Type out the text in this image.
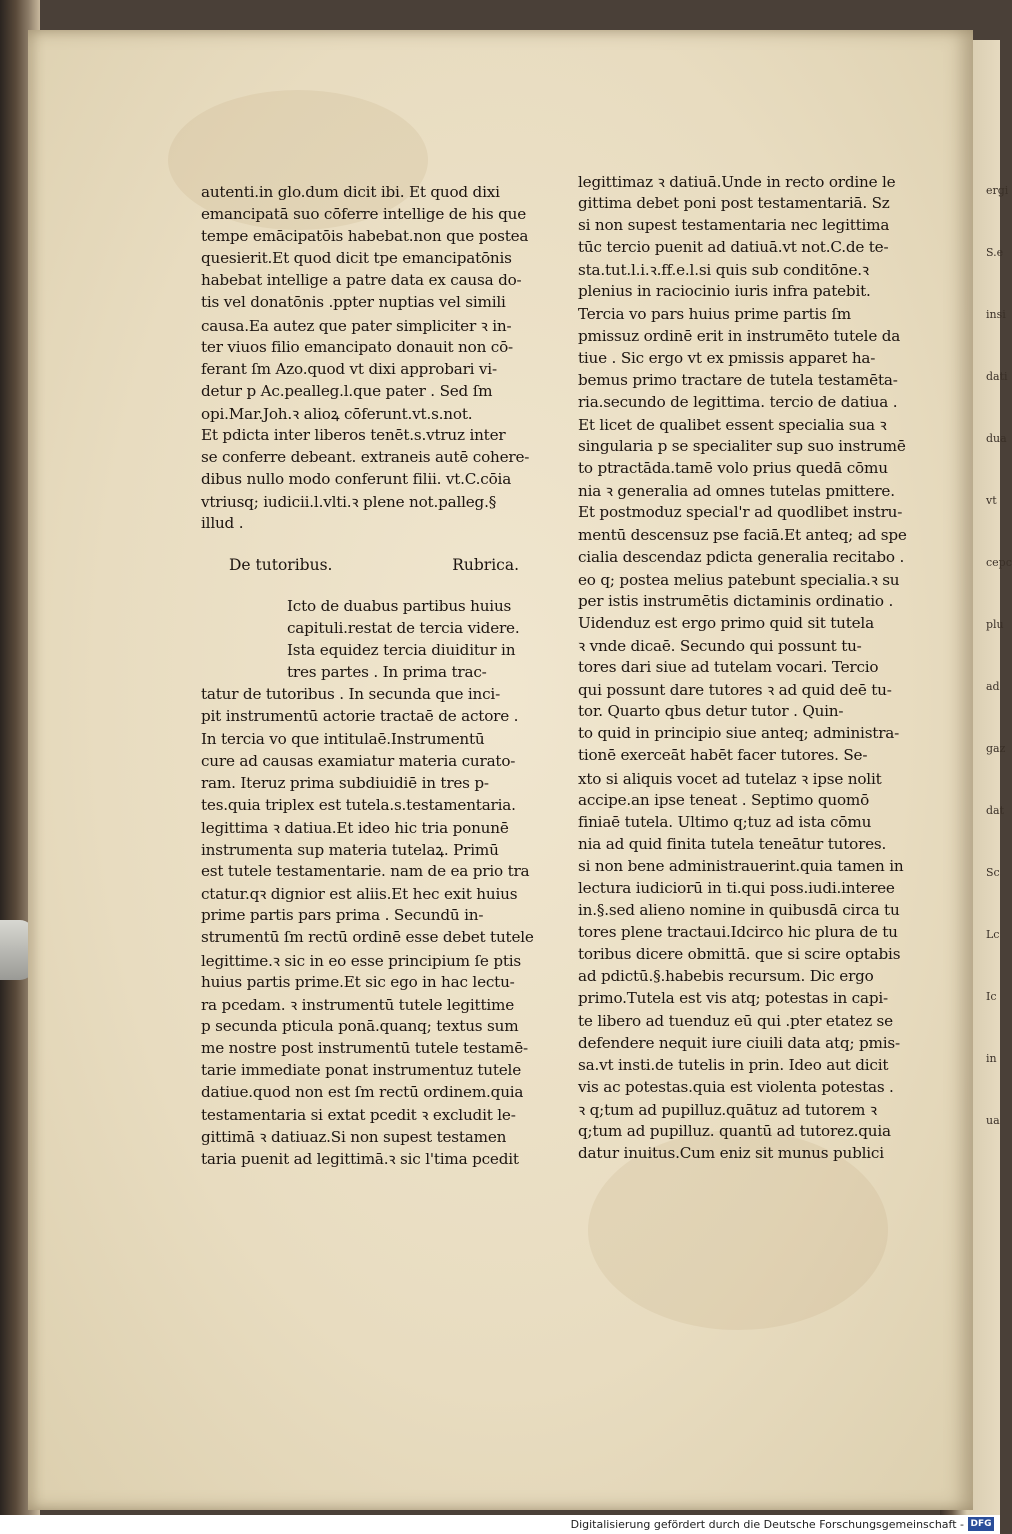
ergi
S.e
insi
dati
dua
vt
cepc
plu
ad
gaz
dat
Sc
Lc
Ic
in
ua
autenti.in glo.dum dicit ibi. Et quod dixi
emancipatā suo cōferre intellige de his que
tempe emācipatōis habebat.non que postea
quesierit.Et quod dicit tpe emancipatōnis
habebat intellige a patre data ex causa do-
tis vel donatōnis .ppter nuptias vel simili
causa.Ea autez que pater simpliciter ꝛ in-
ter viuos filio emancipato donauit non cō-
ferant ſm Azo.quod vt dixi approbari vi-
detur p Ac.pealleg.l.que pater . Sed ſm
opi.Mar.Joh.ꝛ alioꝝ cōferunt.vt.s.not.
Et pdicta inter liberos tenēt.s.vtruz inter
se conferre debeant. extraneis autē cohere-
dibus nullo modo conferunt filii. vt.C.cōia
vtriusq; iudicii.l.vlti.ꝛ plene not.palleg.§
illud .
De tutoribus.	Rubrica.
Icto de duabus partibus huius
capituli.restat de tercia videre.
Ista equidez tercia diuiditur in
tres partes . In prima trac-
tatur de tutoribus . In secunda que inci-
pit instrumentū actorie tractaē de actore .
In tercia vo que intitulaē.Instrumentū
cure ad causas examiatur materia curato-
ram. Iteruz prima subdiuidiē in tres p-
tes.quia triplex est tutela.s.testamentaria.
legittima ꝛ datiua.Et ideo hic tria ponunē
instrumenta sup materia tutelaꝝ. Primū
est tutele testamentarie. nam de ea prio tra
ctatur.qꝛ dignior est aliis.Et hec exit huius
prime partis pars prima . Secundū in-
strumentū ſm rectū ordinē esse debet tutele
legittime.ꝛ sic in eo esse principium ſe ptis
huius partis prime.Et sic ego in hac lectu-
ra pcedam. ꝛ instrumentū tutele legittime
p secunda pticula ponā.quanq; textus sum
me nostre post instrumentū tutele testamē-
tarie immediate ponat instrumentuz tutele
datiue.quod non est ſm rectū ordinem.quia
testamentaria si extat pcedit ꝛ excludit le-
gittimā ꝛ datiuaz.Si non supest testamen
taria puenit ad legittimā.ꝛ sic l'tima pcedit
legittimaz ꝛ datiuā.Unde in recto ordine le
gittima debet poni post testamentariā. Sz
si non supest testamentaria nec legittima
tūc tercio puenit ad datiuā.vt not.C.de te-
sta.tut.l.i.ꝛ.ff.e.l.si quis sub conditōne.ꝛ
plenius in raciocinio iuris infra patebit.
Tercia vo pars huius prime partis ſm
pmissuz ordinē erit in instrumēto tutele da
tiue . Sic ergo vt ex pmissis apparet ha-
bemus primo tractare de tutela testamēta-
ria.secundo de legittima. tercio de datiua .
Et licet de qualibet essent specialia sua ꝛ
singularia p se specialiter sup suo instrumē
to ptractāda.tamē volo prius quedā cōmu
nia ꝛ generalia ad omnes tutelas pmittere.
Et postmoduz special'r ad quodlibet instru-
mentū descensuz pse faciā.Et anteq; ad spe
cialia descendaz pdicta generalia recitabo .
eo q; postea melius patebunt specialia.ꝛ su
per istis instrumētis dictaminis ordinatio .
Uidenduz est ergo primo quid sit tutela
ꝛ vnde dicaē. Secundo qui possunt tu-
tores dari siue ad tutelam vocari. Tercio
qui possunt dare tutores ꝛ ad quid deē tu-
tor. Quarto qbus detur tutor . Quin-
to quid in principio siue anteq; administra-
tionē exerceāt habēt facer tutores. Se-
xto si aliquis vocet ad tutelaz ꝛ ipse nolit
accipe.an ipse teneat . Septimo quomō
finiaē tutela. Ultimo q;tuz ad ista cōmu
nia ad quid finita tutela teneātur tutores.
si non bene administrauerint.quia tamen in
lectura iudiciorū in ti.qui poss.iudi.interee
in.§.sed alieno nomine in quibusdā circa tu
tores plene tractaui.Idcirco hic plura de tu
toribus dicere obmittā. que si scire optabis
ad pdictū.§.habebis recursum. Dic ergo
primo.Tutela est vis atq; potestas in capi-
te libero ad tuenduz eū qui .pter etatez se
defendere nequit iure ciuili data atq; pmis-
sa.vt insti.de tutelis in prin. Ideo aut dicit
vis ac potestas.quia est violenta potestas .
ꝛ q;tum ad pupilluz.quātuz ad tutorem ꝛ
q;tum ad pupilluz. quantū ad tutorez.quia
datur inuitus.Cum eniz sit munus publici
Digitalisierung gefördert durch die Deutsche Forschungsgemeinschaft - DFG
